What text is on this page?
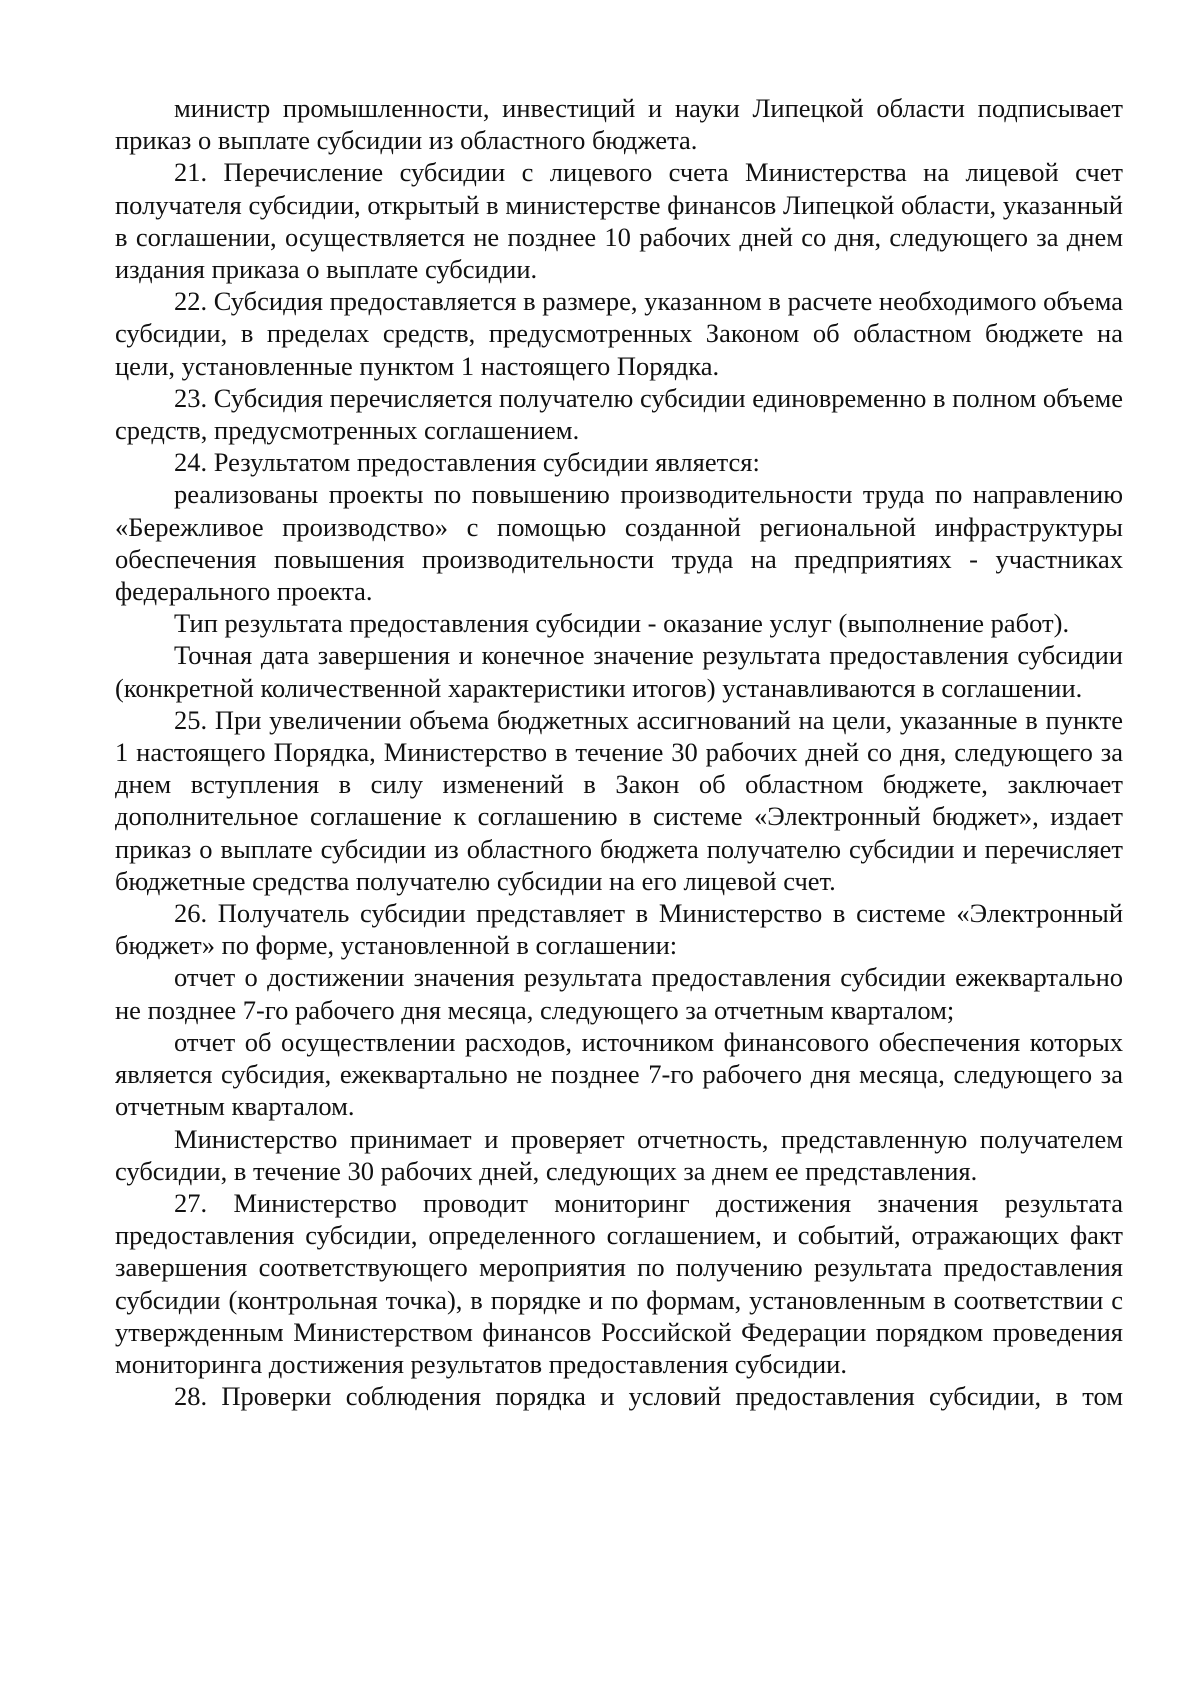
министр промышленности, инвестиций и науки Липецкой области подписывает приказ о выплате субсидии из областного бюджета.

21. Перечисление субсидии с лицевого счета Министерства на лицевой счет получателя субсидии, открытый в министерстве финансов Липецкой области, указанный в соглашении, осуществляется не позднее 10 рабочих дней со дня, следующего за днем издания приказа о выплате субсидии.

22. Субсидия предоставляется в размере, указанном в расчете необходимого объема субсидии, в пределах средств, предусмотренных Законом об областном бюджете на цели, установленные пунктом 1 настоящего Порядка.

23. Субсидия перечисляется получателю субсидии единовременно в полном объеме средств, предусмотренных соглашением.

24. Результатом предоставления субсидии является:

реализованы проекты по повышению производительности труда по направлению «Бережливое производство» с помощью созданной региональной инфраструктуры обеспечения повышения производительности труда на предприятиях - участниках федерального проекта.

Тип результата предоставления субсидии - оказание услуг (выполнение работ).

Точная дата завершения и конечное значение результата предоставления субсидии (конкретной количественной характеристики итогов) устанавливаются в соглашении.

25. При увеличении объема бюджетных ассигнований на цели, указанные в пункте 1 настоящего Порядка, Министерство в течение 30 рабочих дней со дня, следующего за днем вступления в силу изменений в Закон об областном бюджете, заключает дополнительное соглашение к соглашению в системе «Электронный бюджет», издает приказ о выплате субсидии из областного бюджета получателю субсидии и перечисляет бюджетные средства получателю субсидии на его лицевой счет.

26. Получатель субсидии представляет в Министерство в системе «Электронный бюджет» по форме, установленной в соглашении:

отчет о достижении значения результата предоставления субсидии ежеквартально не позднее 7-го рабочего дня месяца, следующего за отчетным кварталом;

отчет об осуществлении расходов, источником финансового обеспечения которых является субсидия, ежеквартально не позднее 7-го рабочего дня месяца, следующего за отчетным кварталом.

Министерство принимает и проверяет отчетность, представленную получателем субсидии, в течение 30 рабочих дней, следующих за днем ее представления.

27. Министерство проводит мониторинг достижения значения результата предоставления субсидии, определенного соглашением, и событий, отражающих факт завершения соответствующего мероприятия по получению результата предоставления субсидии (контрольная точка), в порядке и по формам, установленным в соответствии с утвержденным Министерством финансов Российской Федерации порядком проведения мониторинга достижения результатов предоставления субсидии.

28. Проверки соблюдения порядка и условий предоставления субсидии, в том
